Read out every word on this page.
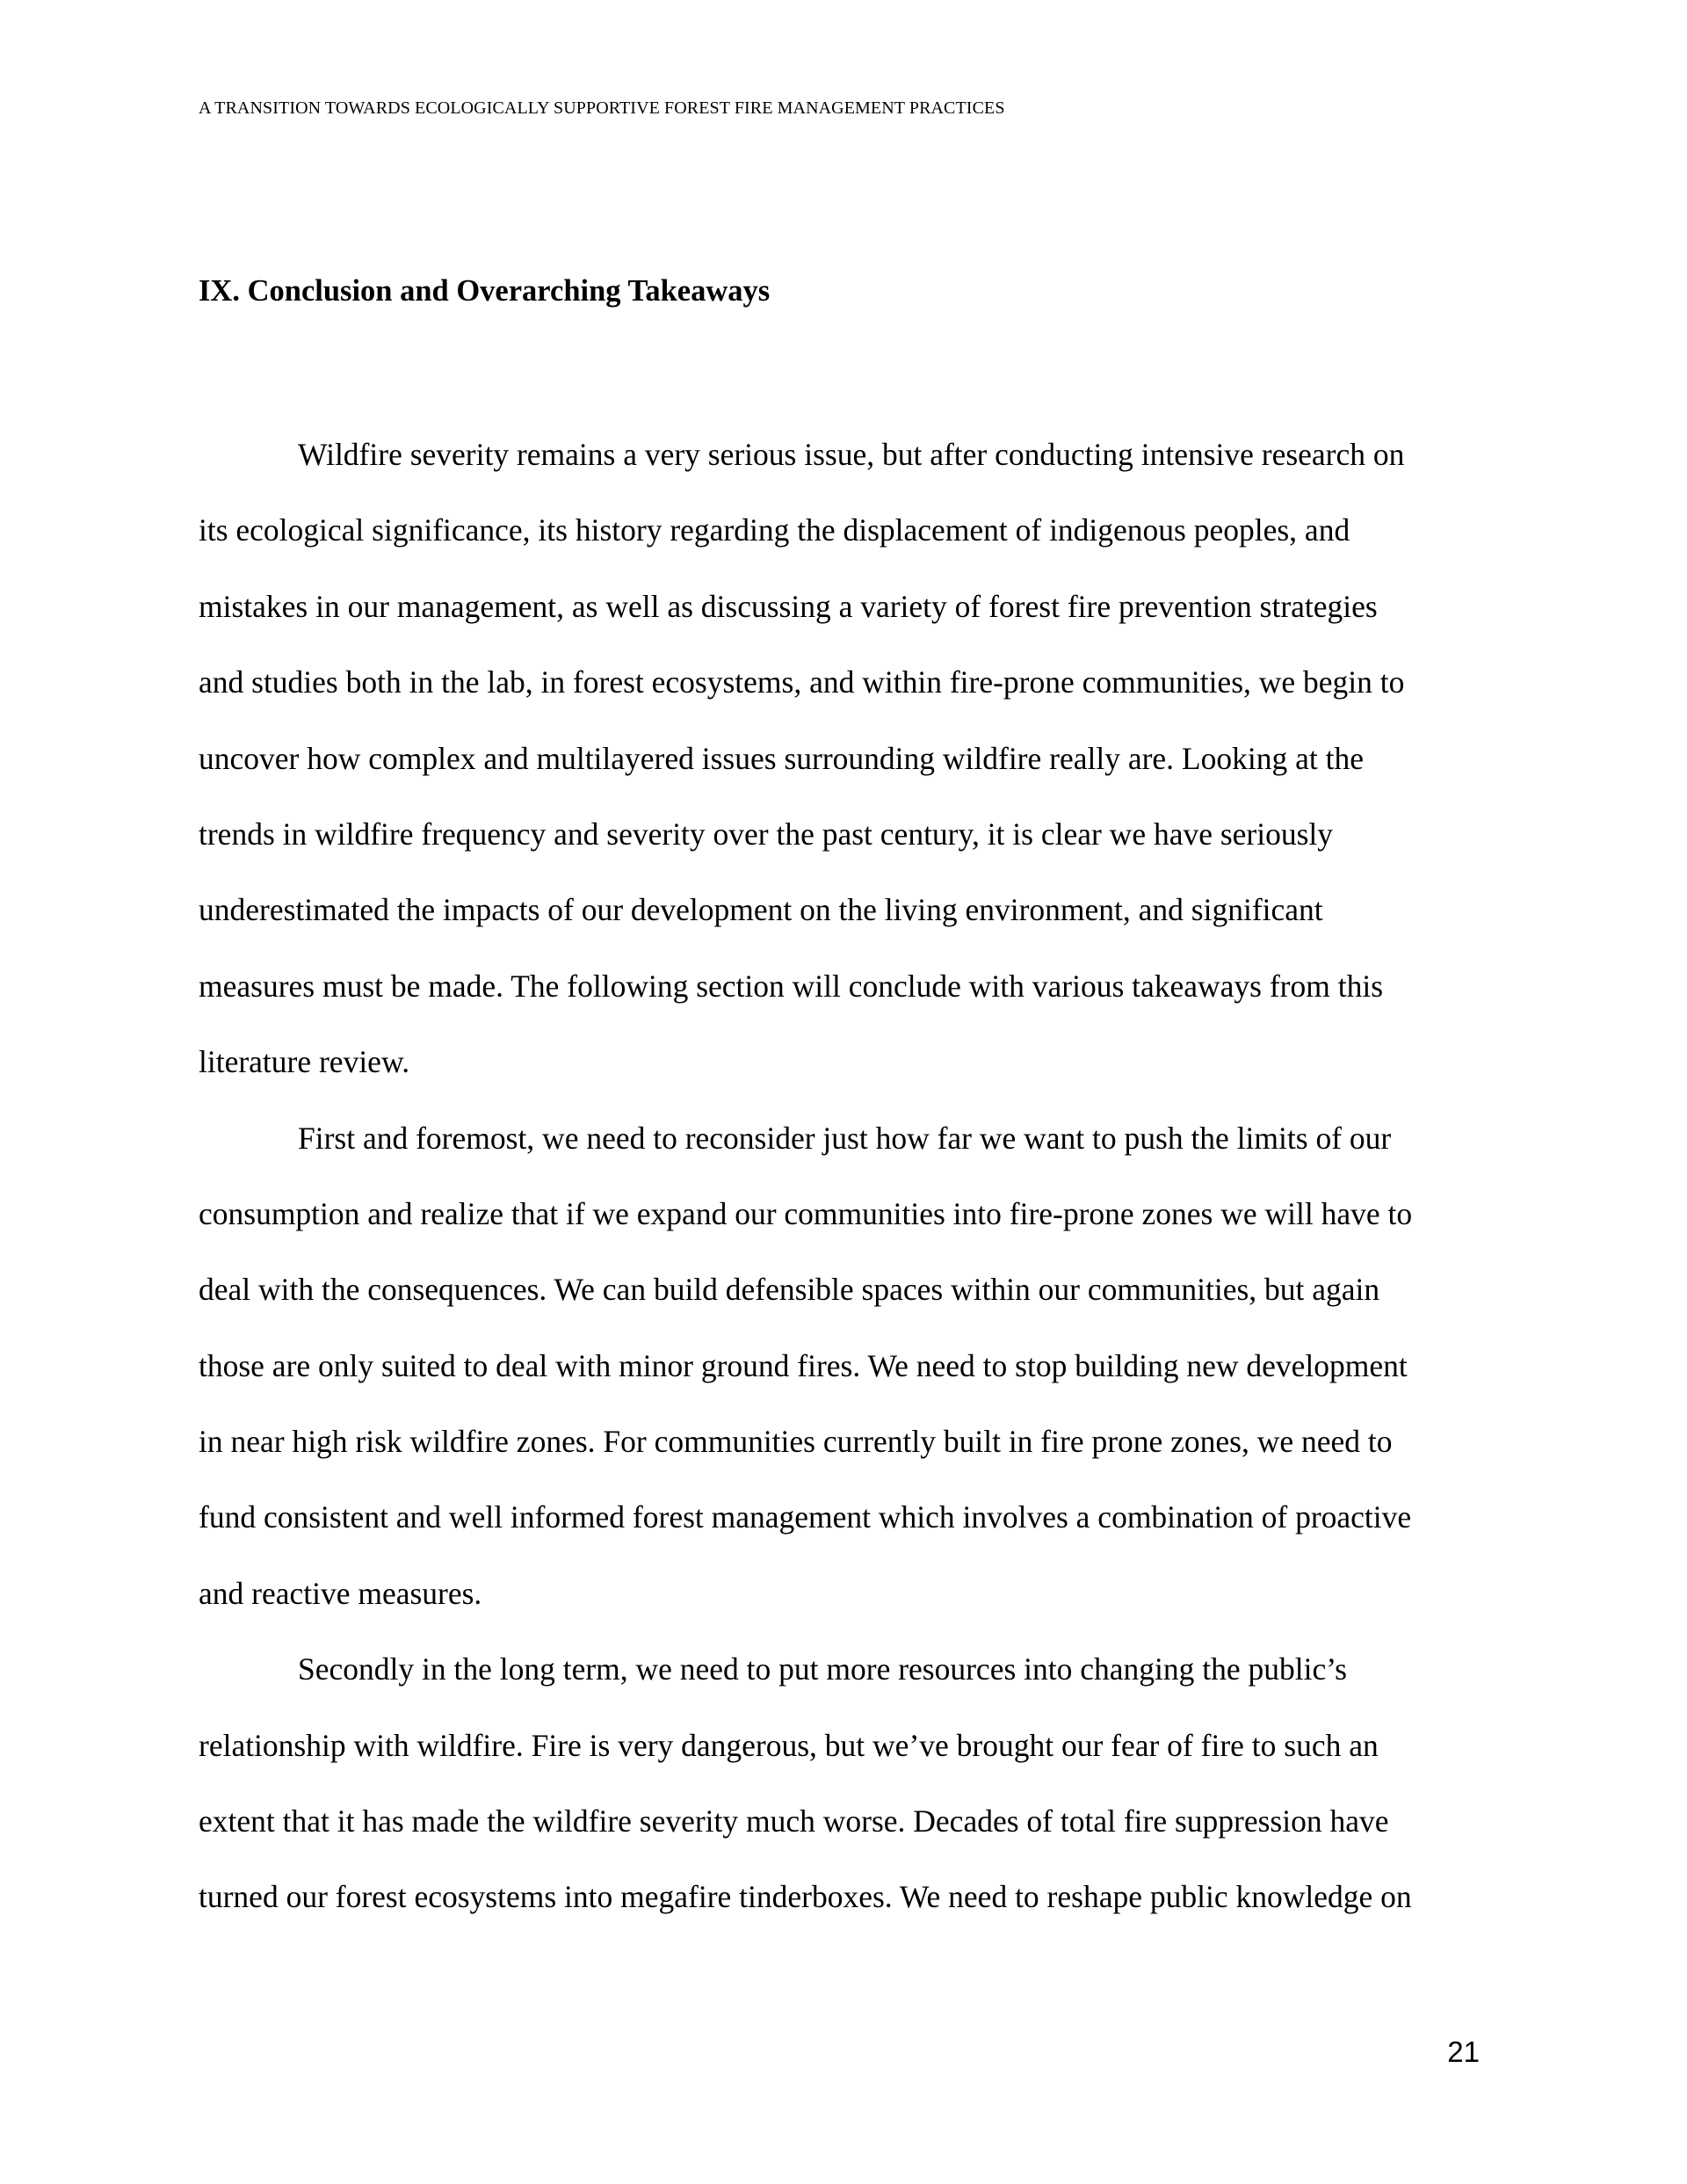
A TRANSITION TOWARDS ECOLOGICALLY SUPPORTIVE FOREST FIRE MANAGEMENT PRACTICES
IX. Conclusion and Overarching Takeaways
Wildfire severity remains a very serious issue, but after conducting intensive research on
its ecological significance, its history regarding the displacement of indigenous peoples, and
mistakes in our management, as well as discussing a variety of forest fire prevention strategies
and studies both in the lab, in forest ecosystems, and within fire-prone communities, we begin to
uncover how complex and multilayered issues surrounding wildfire really are. Looking at the
trends in wildfire frequency and severity over the past century, it is clear we have seriously
underestimated the impacts of our development on the living environment, and significant
measures must be made. The following section will conclude with various takeaways from this
literature review.
First and foremost, we need to reconsider just how far we want to push the limits of our
consumption and realize that if we expand our communities into fire-prone zones we will have to
deal with the consequences. We can build defensible spaces within our communities, but again
those are only suited to deal with minor ground fires. We need to stop building new development
in near high risk wildfire zones. For communities currently built in fire prone zones, we need to
fund consistent and well informed forest management which involves a combination of proactive
and reactive measures.
Secondly in the long term, we need to put more resources into changing the public’s
relationship with wildfire. Fire is very dangerous, but we’ve brought our fear of fire to such an
extent that it has made the wildfire severity much worse. Decades of total fire suppression have
turned our forest ecosystems into megafire tinderboxes. We need to reshape public knowledge on
21
